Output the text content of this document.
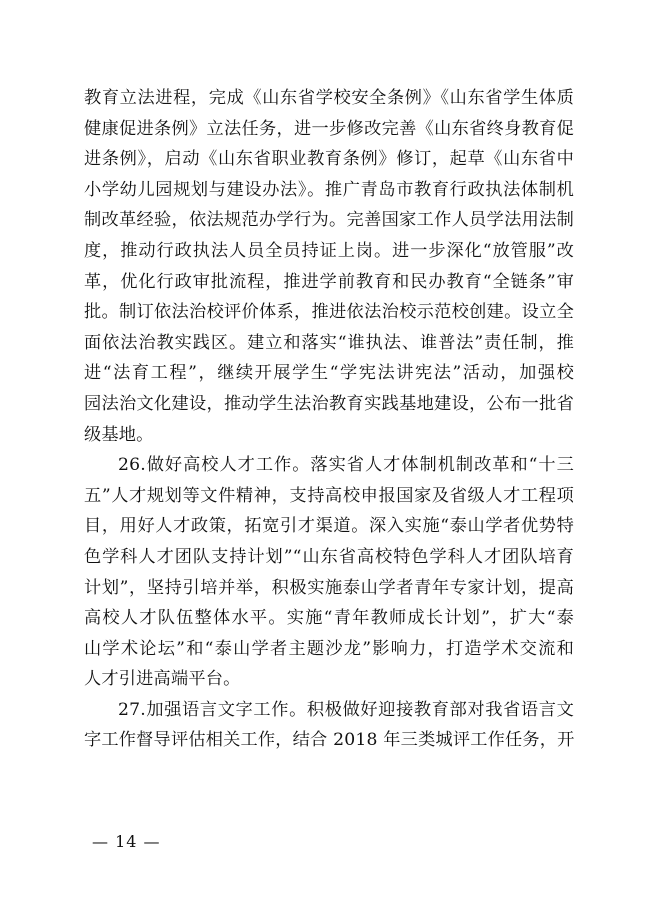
教育立法进程，完成《山东省学校安全条例》《山东省学生体质
健康促进条例》立法任务，进一步修改完善《山东省终身教育促
进条例》，启动《山东省职业教育条例》修订，起草《山东省中
小学幼儿园规划与建设办法》。推广青岛市教育行政执法体制机
制改革经验，依法规范办学行为。完善国家工作人员学法用法制
度，推动行政执法人员全员持证上岗。进一步深化“放管服”改
革，优化行政审批流程，推进学前教育和民办教育“全链条”审
批。制订依法治校评价体系，推进依法治校示范校创建。设立全
面依法治教实践区。建立和落实“谁执法、谁普法”责任制，推
进“法育工程”，继续开展学生“学宪法讲宪法”活动，加强校
园法治文化建设，推动学生法治教育实践基地建设，公布一批省
级基地。
26.做好高校人才工作。落实省人才体制机制改革和“十三
五”人才规划等文件精神，支持高校申报国家及省级人才工程项
目，用好人才政策，拓宽引才渠道。深入实施“泰山学者优势特
色学科人才团队支持计划”“山东省高校特色学科人才团队培育
计划”，坚持引培并举，积极实施泰山学者青年专家计划，提高
高校人才队伍整体水平。实施“青年教师成长计划”，扩大“泰
山学术论坛”和“泰山学者主题沙龙”影响力，打造学术交流和
人才引进高端平台。
27.加强语言文字工作。积极做好迎接教育部对我省语言文
字工作督导评估相关工作，结合 2018 年三类城评工作任务，开
— 14 —
